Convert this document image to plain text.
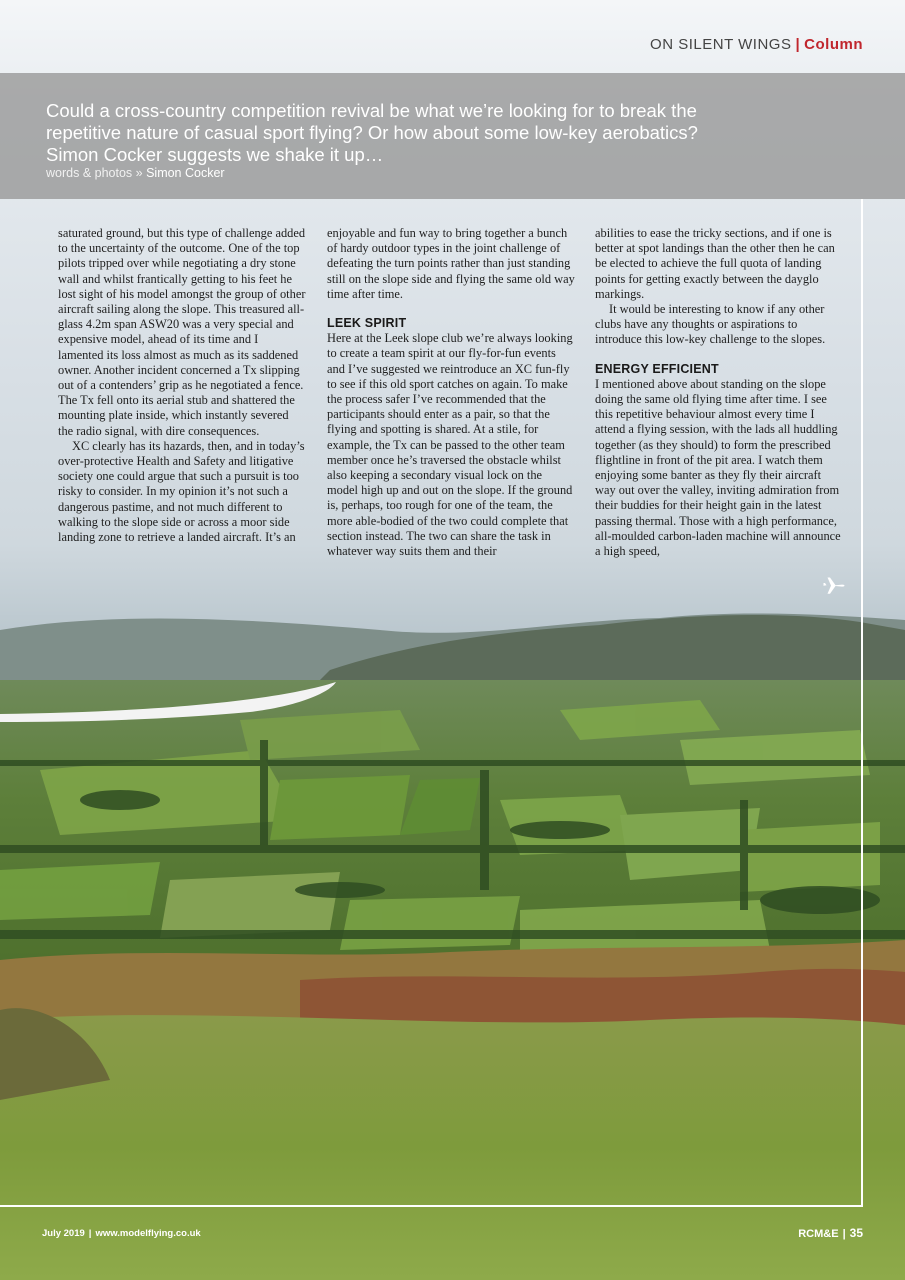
ON SILENT WINGS | Column

Could a cross-country competition revival be what we’re looking for to break the repetitive nature of casual sport flying? Or how about some low-key aerobatics? Simon Cocker suggests we shake it up…

words & photos » Simon Cocker

saturated ground, but this type of challenge added to the uncertainty of the outcome. One of the top pilots tripped over while negotiating a dry stone wall and whilst frantically getting to his feet he lost sight of his model amongst the group of other aircraft sailing along the slope. This treasured all-glass 4.2m span ASW20 was a very special and expensive model, ahead of its time and I lamented its loss almost as much as its saddened owner. Another incident concerned a Tx slipping out of a contenders’ grip as he negotiated a fence. The Tx fell onto its aerial stub and shattered the mounting plate inside, which instantly severed the radio signal, with dire consequences.

XC clearly has its hazards, then, and in today’s over-protective Health and Safety and litigative society one could argue that such a pursuit is too risky to consider. In my opinion it’s not such a dangerous pastime, and not much different to walking to the slope side or across a moor side landing zone to retrieve a landed aircraft. It’s an

enjoyable and fun way to bring together a bunch of hardy outdoor types in the joint challenge of defeating the turn points rather than just standing still on the slope side and flying the same old way time after time.

LEEK SPIRIT

Here at the Leek slope club we’re always looking to create a team spirit at our fly-for-fun events and I’ve suggested we reintroduce an XC fun-fly to see if this old sport catches on again. To make the process safer I’ve recommended that the participants should enter as a pair, so that the flying and spotting is shared. At a stile, for example, the Tx can be passed to the other team member once he’s traversed the obstacle whilst also keeping a secondary visual lock on the model high up and out on the slope. If the ground is, perhaps, too rough for one of the team, the more able-bodied of the two could complete that section instead. The two can share the task in whatever way suits them and their

abilities to ease the tricky sections, and if one is better at spot landings than the other then he can be elected to achieve the full quota of landing points for getting exactly between the dayglo markings.

It would be interesting to know if any other clubs have any thoughts or aspirations to introduce this low-key challenge to the slopes.

ENERGY EFFICIENT

I mentioned above about standing on the slope doing the same old flying time after time. I see this repetitive behaviour almost every time I attend a flying session, with the lads all huddling together (as they should) to form the prescribed flightline in front of the pit area. I watch them enjoying some banter as they fly their aircraft way out over the valley, inviting admiration from their buddies for their height gain in the latest passing thermal. Those with a high performance, all-moulded carbon-laden machine will announce a high speed,

July 2019 | www.modelflying.co.uk	RCM&E | 35
